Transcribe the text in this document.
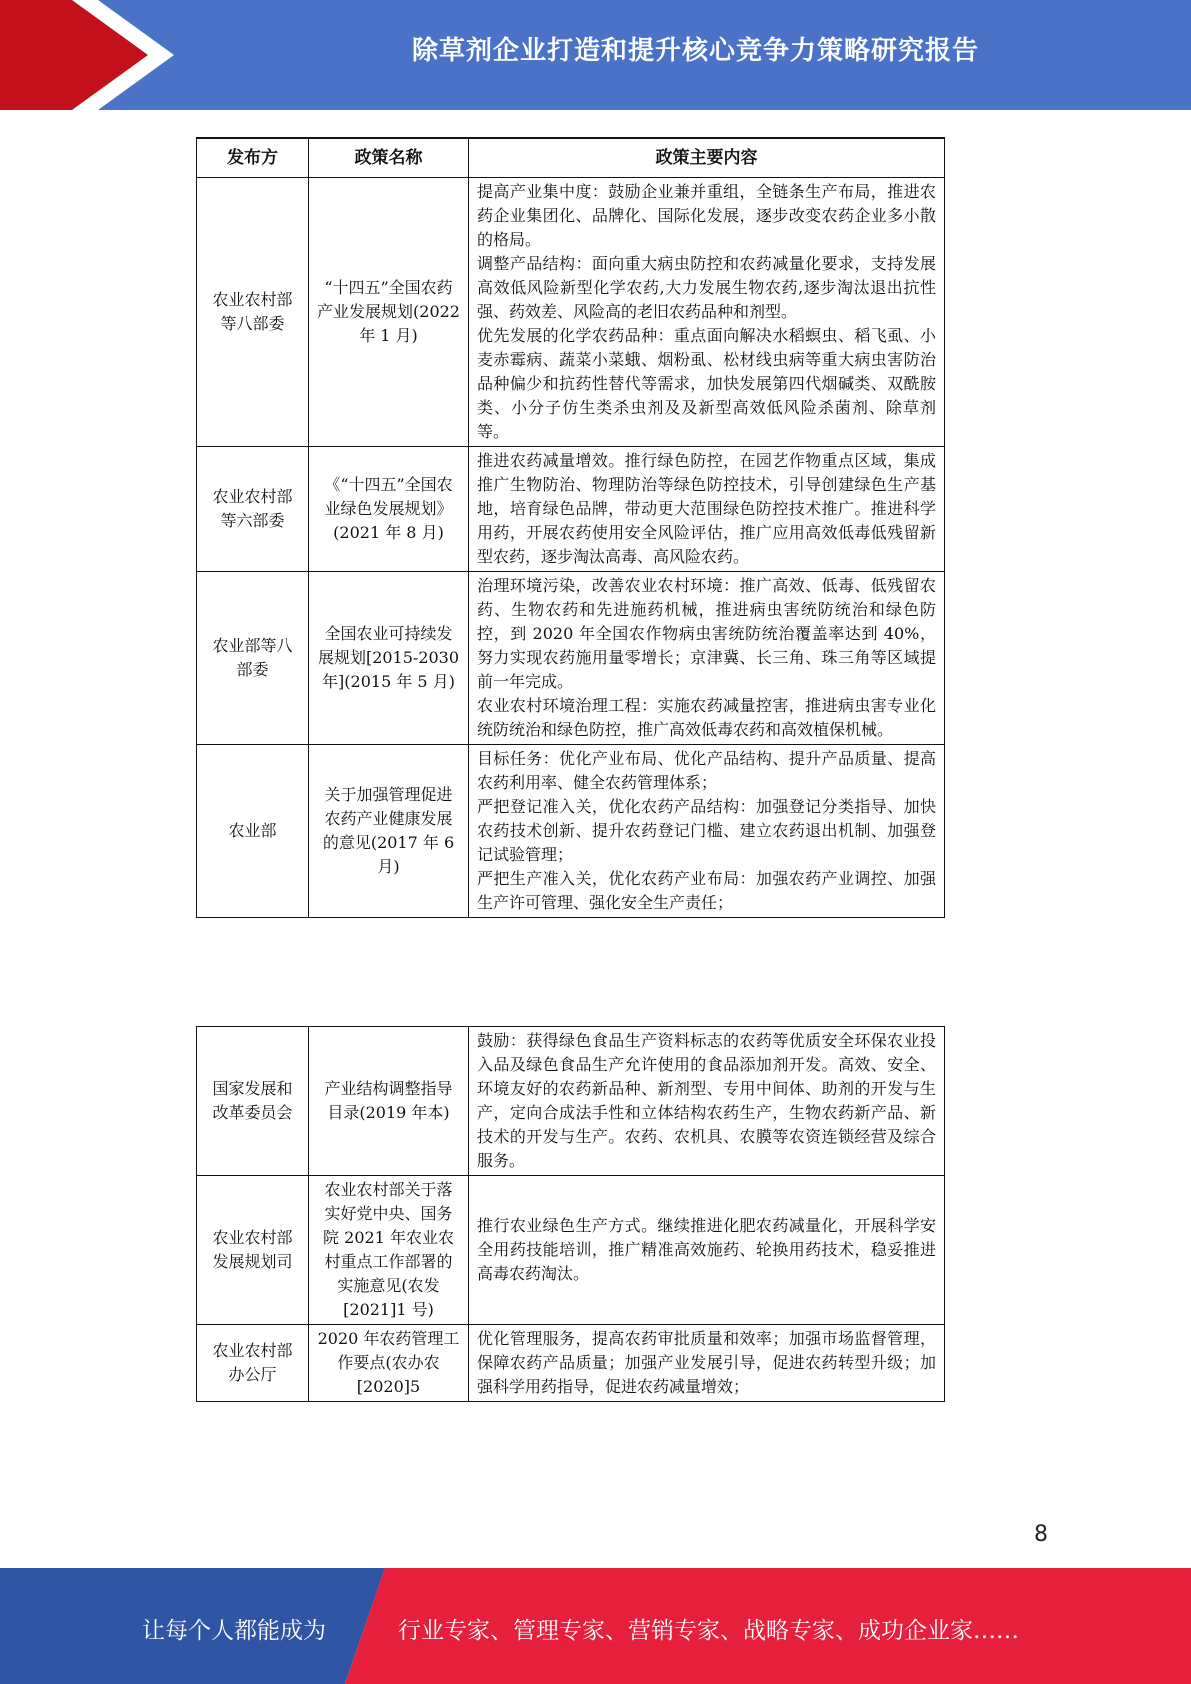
除草剂企业打造和提升核心竞争力策略研究报告
发布方	政策名称	政策主要内容
农业农村部等八部委	“十四五”全国农药产业发展规划(2022 年 1 月)	提高产业集中度：鼓励企业兼并重组，全链条生产布局，推进农药企业集团化、品牌化、国际化发展，逐步改变农药企业多小散的格局。

调整产品结构：面向重大病虫防控和农药减量化要求，支持发展高效低风险新型化学农药,大力发展生物农药,逐步淘汰退出抗性强、药效差、风险高的老旧农药品种和剂型。

优先发展的化学农药品种：重点面向解决水稻螟虫、稻飞虱、小麦赤霉病、蔬菜小菜蛾、烟粉虱、松材线虫病等重大病虫害防治品种偏少和抗药性替代等需求，加快发展第四代烟碱类、双酰胺类、小分子仿生类杀虫剂及及新型高效低风险杀菌剂、除草剂等。

农业农村部等六部委	《“十四五”全国农业绿色发展规划》(2021 年 8 月)	推进农药减量增效。推行绿色防控，在园艺作物重点区域，集成推广生物防治、物理防治等绿色防控技术，引导创建绿色生产基地，培育绿色品牌，带动更大范围绿色防控技术推广。推进科学用药，开展农药使用安全风险评估，推广应用高效低毒低残留新型农药，逐步淘汰高毒、高风险农药。

农业部等八部委	全国农业可持续发展规划[2015-2030 年](2015 年 5 月)	治理环境污染，改善农业农村环境：推广高效、低毒、低残留农药、生物农药和先进施药机械，推进病虫害统防统治和绿色防控，到 2020 年全国农作物病虫害统防统治覆盖率达到 40%，努力实现农药施用量零增长；京津冀、长三角、珠三角等区域提前一年完成。

农业农村环境治理工程：实施农药减量控害，推进病虫害专业化统防统治和绿色防控，推广高效低毒农药和高效植保机械。

农业部	关于加强管理促进农药产业健康发展的意见(2017 年 6 月)	目标任务：优化产业布局、优化产品结构、提升产品质量、提高农药利用率、健全农药管理体系；

严把登记准入关，优化农药产品结构：加强登记分类指导、加快农药技术创新、提升农药登记门槛、建立农药退出机制、加强登记试验管理；

严把生产准入关，优化农药产业布局：加强农药产业调控、加强生产许可管理、强化安全生产责任；

国家发展和改革委员会	产业结构调整指导目录(2019 年本)	鼓励：获得绿色食品生产资料标志的农药等优质安全环保农业投入品及绿色食品生产允许使用的食品添加剂开发。高效、安全、环境友好的农药新品种、新剂型、专用中间体、助剂的开发与生产，定向合成法手性和立体结构农药生产，生物农药新产品、新技术的开发与生产。农药、农机具、农膜等农资连锁经营及综合服务。

农业农村部发展规划司	农业农村部关于落实好党中央、国务院 2021 年农业农村重点工作部署的实施意见(农发[2021]1 号)	推行农业绿色生产方式。继续推进化肥农药减量化，开展科学安全用药技能培训，推广精准高效施药、轮换用药技术，稳妥推进高毒农药淘汰。

农业农村部办公厅	2020 年农药管理工作要点(农办农[2020]5	优化管理服务，提高农药审批质量和效率；加强市场监督管理，保障农药产品质量；加强产业发展引导，促进农药转型升级；加强科学用药指导，促进农药减量增效；

8
让每个人都能成为	行业专家、管理专家、营销专家、战略专家、成功企业家……
